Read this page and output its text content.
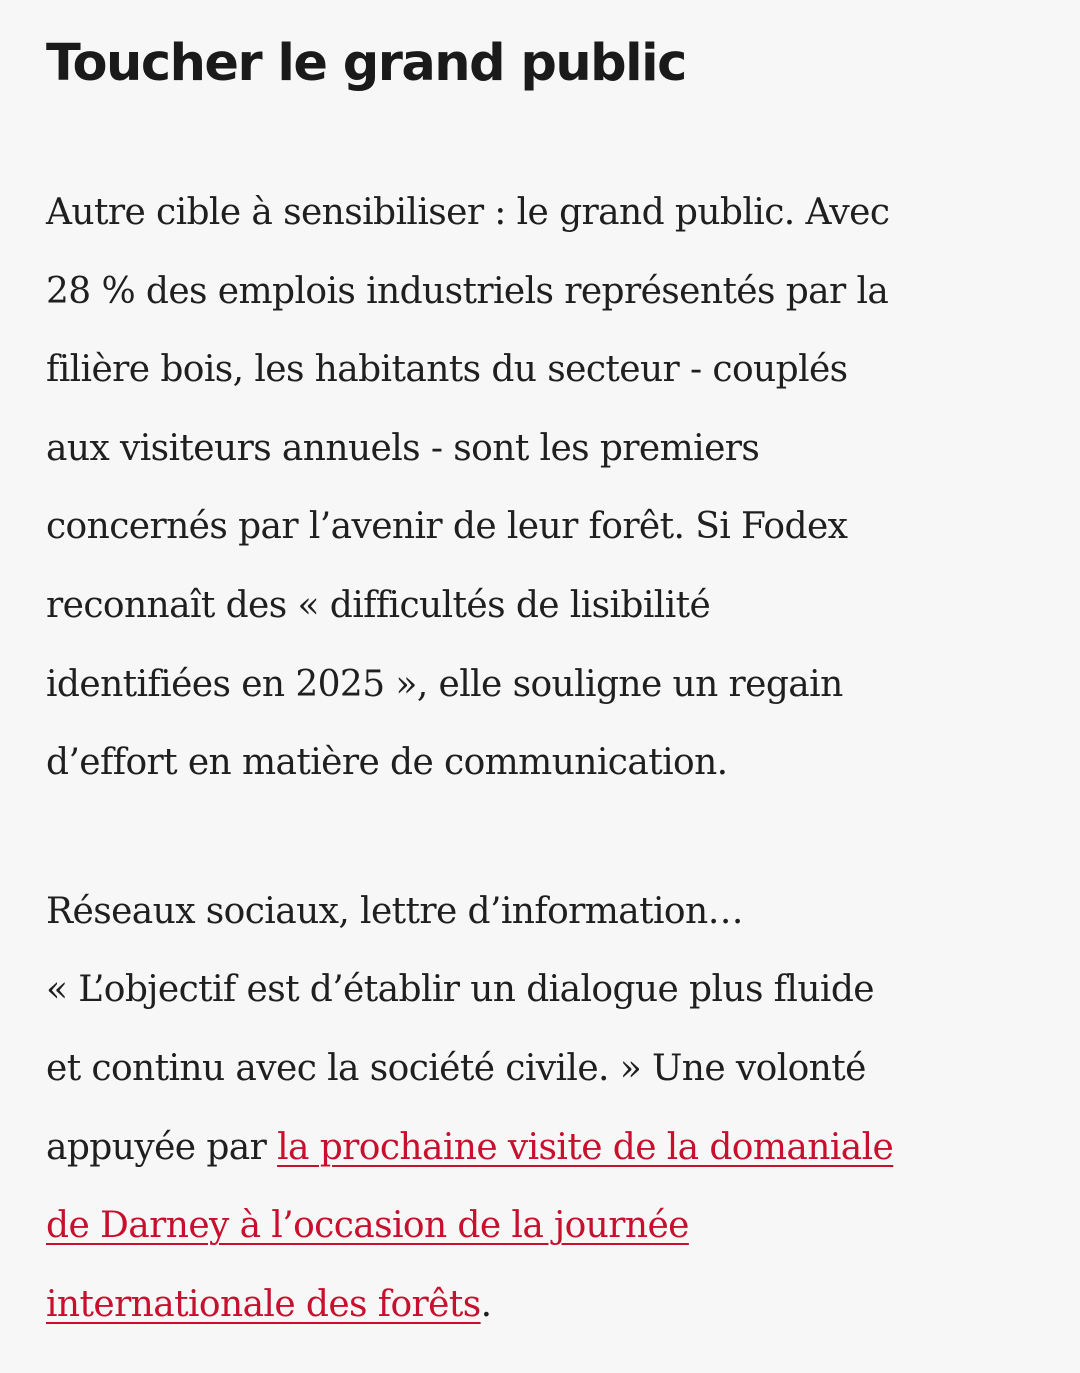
Toucher le grand public

Autre cible à sensibiliser : le grand public. Avec
28 % des emplois industriels représentés par la
filière bois, les habitants du secteur - couplés
aux visiteurs annuels - sont les premiers
concernés par l’avenir de leur forêt. Si Fodex
reconnaît des « difficultés de lisibilité
identifiées en 2025 », elle souligne un regain
d’effort en matière de communication.

Réseaux sociaux, lettre d’information…
« L’objectif est d’établir un dialogue plus fluide
et continu avec la société civile. » Une volonté
appuyée par la prochaine visite de la domaniale
de Darney à l’occasion de la journée
internationale des forêts.
